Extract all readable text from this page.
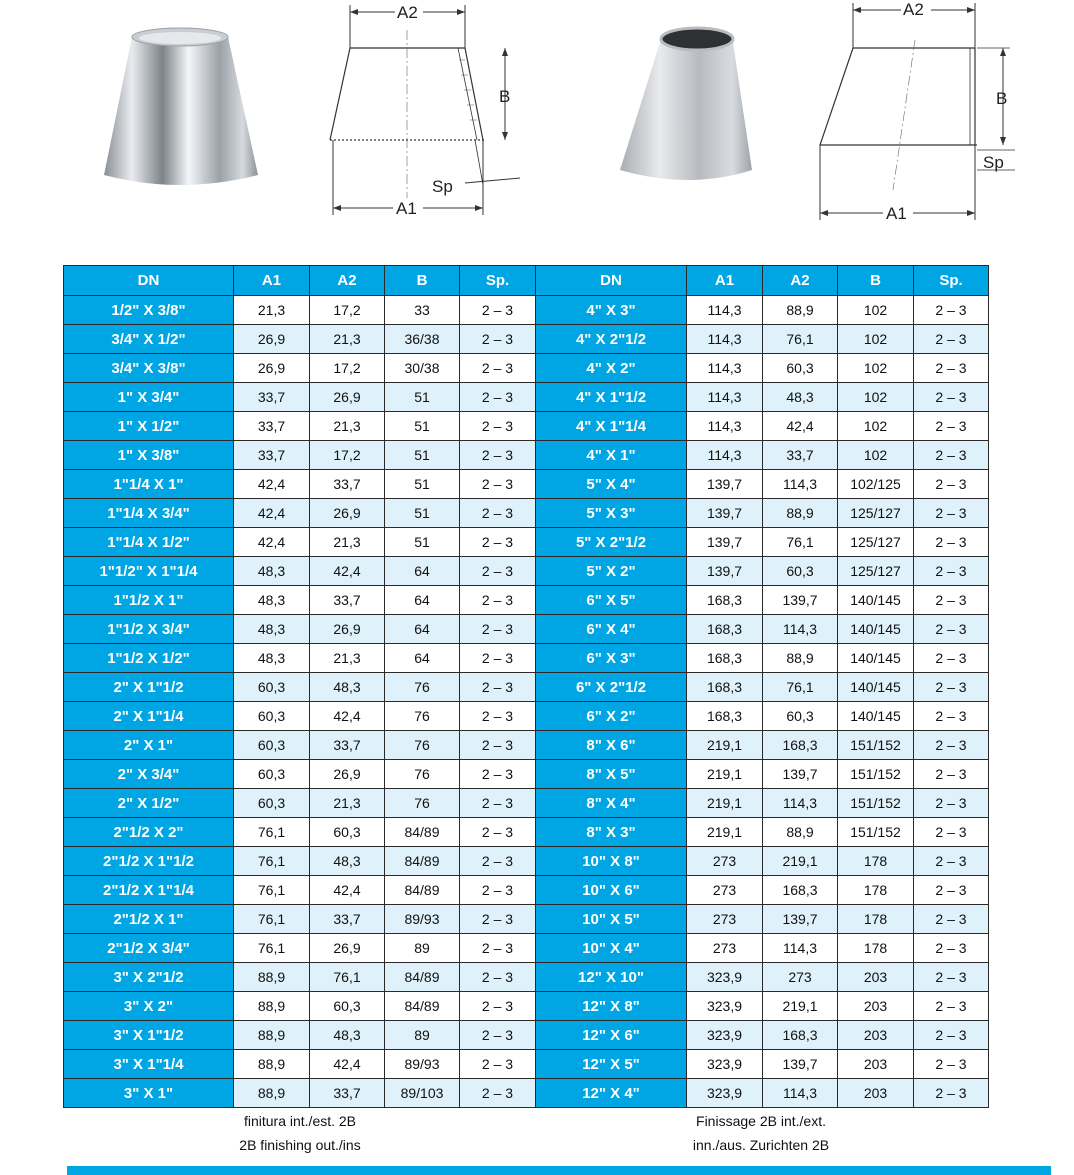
A2
B
Sp
A1
A2
B
Sp
A1
DN	A1	A2	B	Sp.
1/2" X 3/8"	21,3	17,2	33	2 – 3
3/4" X 1/2"	26,9	21,3	36/38	2 – 3
3/4" X 3/8"	26,9	17,2	30/38	2 – 3
1" X 3/4"	33,7	26,9	51	2 – 3
1" X 1/2"	33,7	21,3	51	2 – 3
1" X 3/8"	33,7	17,2	51	2 – 3
1"1/4 X 1"	42,4	33,7	51	2 – 3
1"1/4 X 3/4"	42,4	26,9	51	2 – 3
1"1/4 X 1/2"	42,4	21,3	51	2 – 3
1"1/2" X 1"1/4	48,3	42,4	64	2 – 3
1"1/2 X 1"	48,3	33,7	64	2 – 3
1"1/2 X 3/4"	48,3	26,9	64	2 – 3
1"1/2 X 1/2"	48,3	21,3	64	2 – 3
2" X 1"1/2	60,3	48,3	76	2 – 3
2" X 1"1/4	60,3	42,4	76	2 – 3
2" X 1"	60,3	33,7	76	2 – 3
2" X 3/4"	60,3	26,9	76	2 – 3
2" X 1/2"	60,3	21,3	76	2 – 3
2"1/2 X 2"	76,1	60,3	84/89	2 – 3
2"1/2 X 1"1/2	76,1	48,3	84/89	2 – 3
2"1/2 X 1"1/4	76,1	42,4	84/89	2 – 3
2"1/2 X 1"	76,1	33,7	89/93	2 – 3
2"1/2 X 3/4"	76,1	26,9	89	2 – 3
3" X 2"1/2	88,9	76,1	84/89	2 – 3
3" X 2"	88,9	60,3	84/89	2 – 3
3" X 1"1/2	88,9	48,3	89	2 – 3
3" X 1"1/4	88,9	42,4	89/93	2 – 3
3" X 1"	88,9	33,7	89/103	2 – 3
DN	A1	A2	B	Sp.
4" X 3"	114,3	88,9	102	2 – 3
4" X 2"1/2	114,3	76,1	102	2 – 3
4" X 2"	114,3	60,3	102	2 – 3
4" X 1"1/2	114,3	48,3	102	2 – 3
4" X 1"1/4	114,3	42,4	102	2 – 3
4" X 1"	114,3	33,7	102	2 – 3
5" X 4"	139,7	114,3	102/125	2 – 3
5" X 3"	139,7	88,9	125/127	2 – 3
5" X 2"1/2	139,7	76,1	125/127	2 – 3
5" X 2"	139,7	60,3	125/127	2 – 3
6" X 5"	168,3	139,7	140/145	2 – 3
6" X 4"	168,3	114,3	140/145	2 – 3
6" X 3"	168,3	88,9	140/145	2 – 3
6" X 2"1/2	168,3	76,1	140/145	2 – 3
6" X 2"	168,3	60,3	140/145	2 – 3
8" X 6"	219,1	168,3	151/152	2 – 3
8" X 5"	219,1	139,7	151/152	2 – 3
8" X 4"	219,1	114,3	151/152	2 – 3
8" X 3"	219,1	88,9	151/152	2 – 3
10" X 8"	273	219,1	178	2 – 3
10" X 6"	273	168,3	178	2 – 3
10" X 5"	273	139,7	178	2 – 3
10" X 4"	273	114,3	178	2 – 3
12" X 10"	323,9	273	203	2 – 3
12" X 8"	323,9	219,1	203	2 – 3
12" X 6"	323,9	168,3	203	2 – 3
12" X 5"	323,9	139,7	203	2 – 3
12" X 4"	323,9	114,3	203	2 – 3
finitura int./est. 2B
2B finishing out./ins
Finissage 2B int./ext.
inn./aus. Zurichten 2B
